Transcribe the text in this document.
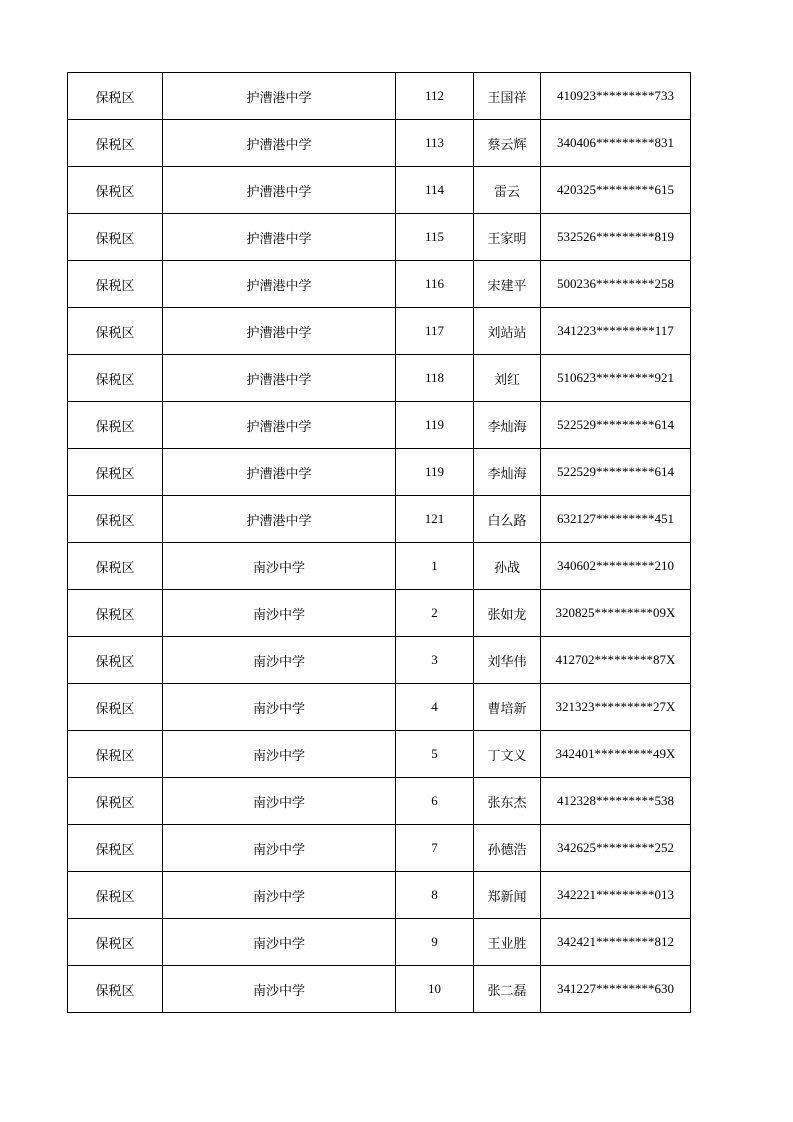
保税区	护漕港中学	112	王国祥	410923*********733
保税区	护漕港中学	113	蔡云辉	340406*********831
保税区	护漕港中学	114	雷云	420325*********615
保税区	护漕港中学	115	王家明	532526*********819
保税区	护漕港中学	116	宋建平	500236*********258
保税区	护漕港中学	117	刘站站	341223*********117
保税区	护漕港中学	118	刘红	510623*********921
保税区	护漕港中学	119	李灿海	522529*********614
保税区	护漕港中学	119	李灿海	522529*********614
保税区	护漕港中学	121	白么路	632127*********451
保税区	南沙中学	1	孙战	340602*********210
保税区	南沙中学	2	张如龙	320825*********09X
保税区	南沙中学	3	刘华伟	412702*********87X
保税区	南沙中学	4	曹培新	321323*********27X
保税区	南沙中学	5	丁文义	342401*********49X
保税区	南沙中学	6	张东杰	412328*********538
保税区	南沙中学	7	孙德浩	342625*********252
保税区	南沙中学	8	郑新闻	342221*********013
保税区	南沙中学	9	王业胜	342421*********812
保税区	南沙中学	10	张二磊	341227*********630
